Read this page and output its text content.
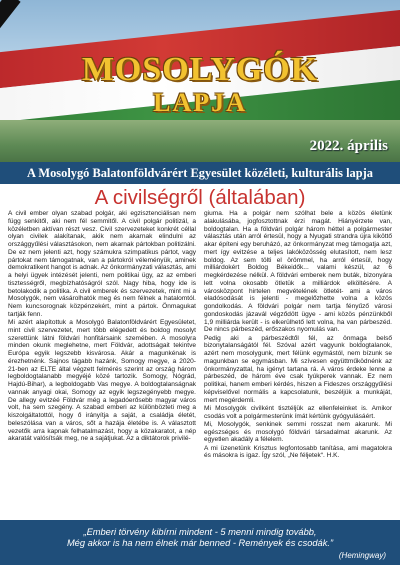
MOSOLYGÓK
LAPJA
2022. április
A Mosolygó Balatonföldvárért Egyesület közéleti, kulturális lapja
A civilségről (általában)

A civil ember olyan szabad polgár, aki egzisztenciálisan nem függ senkitől, aki nem fél semmitől. A civil polgár politizál, a közéletben aktívan részt vesz. Civil szervezeteket konkrét céllal olyan civilek alakítanak, akik nem akarnak elindulni az országgyűlési választásokon, nem akarnak pártokban politizálni. De ez nem jelenti azt, hogy számukra szimpatikus pártot, vagy pártokat nem támogatnak, van a pártokról véleményük, aminek demokratikent hangot is adnak. Az önkormányzati választás, ami a helyi ügyek intézését jelenti, nem politikai ügy, az az emberi tisztességről, megbízhatóságról szól. Nagy hiba, hogy ide is betolakodik a politika. A civil emberek és szervezetek, mint mi a Mosolygók, nem vásárolhatók meg és nem félnek a hatalomtól. Nem kuncsorognak közpénzekért, mint a pártok. Önmagukat tartják fenn.

Mi azért alapítottuk a Mosolygó Balatonföldvárért Egyesületet, mint civil szervezetet, mert több elégedett és boldog mosolyt szerettünk látni földvári honfitársaink szemében. A mosolyra minden okunk meglehetne, mert Földvár, adottságait tekintve Európa egyik legszebb kisvárosa. Akár a magunkénak is érezhetnénk. Sajnos tágabb hazánk, Somogy megye, a 2020-21-ben az ELTE által végzett felmérés szerint az ország három legboldogtalanabb megyéjé közé tartozik. Somogy, Nógrád, Hajdú-Bihar), a legboldogabb Vas megye. A boldogtalanságnak vannak anyagi okai, Somogy az egyik legszegényebb megye. De allegy evitzéé Földvár még a legadóerősebb magyar város volt, ha sem szegény. A szabad emberi az különbözteti meg a kiszolgáltatottól, hogy ő irányítja a saját, a családja életét, beleszólása van a város, sőt a hazája életébe is. A választott vezetők arra kapnak felhatalmazást, hogy a közakaratot, a nép akaratát valósítsák meg, ne a sajátjukat. Az a diktátorok privilé-

giuma. Ha a polgár nem szólhat bele a közös életünk alakulásába, jogfosztottnak érzi magát. Hiányérzete van, boldogtalan. Ha a földvári polgár három héttel a polgármester választás után arról értesül, hogy a Nyugati strandra újra kiköttő akar építeni egy beruházó, az önkormányzat meg támogatja azt, mert így evitzése a teljes lakóközösség elutasított, nem lesz boldog. Az sem tölti el örömmel, ha arról értesül, hogy milliárdokért Boldog Békeidők... valami készül, az 6 megkérdezése nélkül. A földvári emberek nem buták, bizonyára lett volna okosabb ötletük a milliárdok elköltésére. A városközpont hirtelen megvételének ötletét- ami a város eladósodását is jelenti - megelőzhette volna a közös gondolkodás. A földvári polgár nem tartja fényűző városi gondoskodás jázavál végződött ügye - ami közös pénzünkből 1,9 milliárda került - is elkerülhető lett volna, ha van párbeszéd. De nincs párbeszéd, erőszakos nyomulás van.

Pedig aki a párbeszédtől fél, az önmaga belső bizonytalanságától fél. Szóval azért vagyunk boldogtalanok, azért nem mosolygunk, mert félünk egymástól, nem bízunk se magunkban se egymásban. Mi szívesen együttműködnénk az önkormányzattal, ha igényt tartana rá. A város érdeke lenne a párbeszéd, de három éve csak tyúkperek vannak. Ez nem politikai, hanem emberi kérdés, hiszen a Fideszes országgyűlési képviselővel normális a kapcsolatunk, beszéljük a munkáját, mert megérdemli.

Mi Mosolygók civilként tisztéljük az ellenfeleinket is. Amikor csodás volt a polgármesterünk ímát kértünk gyógyulásáért.

Mi, Mosolygók, senkinek semmi rosszat nem akarunk. Mi egészséges és mosolygó földvári társadalmat akarunk. Az egyetlen akadály a félelem.

A mi üzenetünk Krisztus legfontosabb tanítása, ami magatokra és másokra is igaz. Így szól, „Ne féljetek“. H.K.

„Emberi törvény kibírni mindent - 5 menni mindig tovább,
Még akkor is ha nem élnek már benned - Remények és csodák.”
(Hemingway)
